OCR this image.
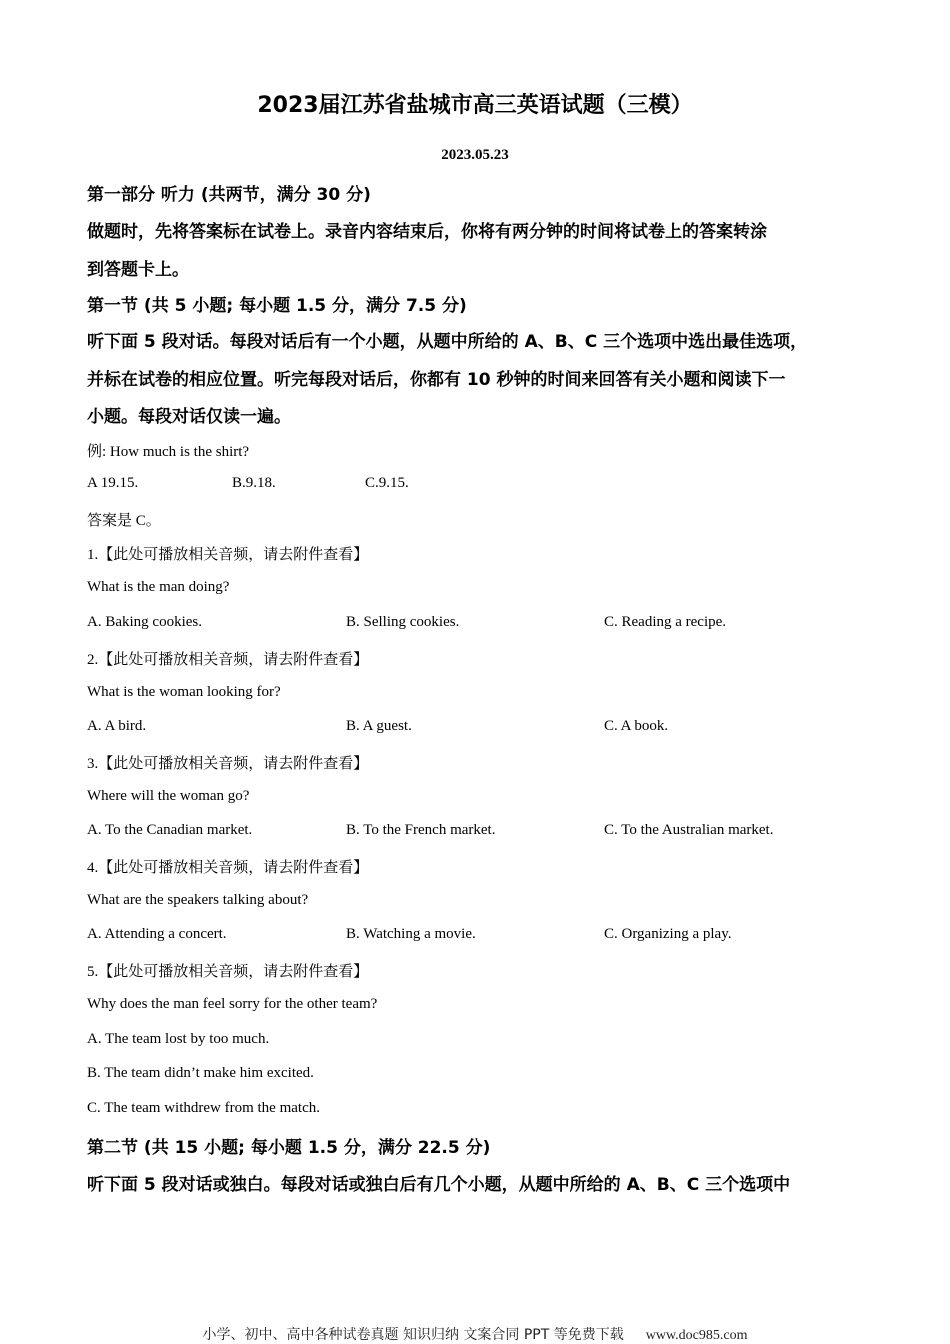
2023届江苏省盐城市高三英语试题（三模）
2023.05.23
第一部分 听力 (共两节，满分 30 分)
做题时，先将答案标在试卷上。录音内容结束后，你将有两分钟的时间将试卷上的答案转涂
到答题卡上。
第一节 (共 5 小题; 每小题 1.5 分，满分 7.5 分)
听下面 5 段对话。每段对话后有一个小题，从题中所给的 A、B、C 三个选项中选出最佳选项，
并标在试卷的相应位置。听完每段对话后，你都有 10 秒钟的时间来回答有关小题和阅读下一
小题。每段对话仅读一遍。
例: How much is the shirt?
A 19.15.	B.9.18.	C.9.15.
答案是 C。
1.【此处可播放相关音频，请去附件查看】
What is the man doing?
A. Baking cookies.	B. Selling cookies.	C. Reading a recipe.
2.【此处可播放相关音频，请去附件查看】
What is the woman looking for?
A. A bird.	B. A guest.	C. A book.
3.【此处可播放相关音频，请去附件查看】
Where will the woman go?
A. To the Canadian market.	B. To the French market.	C. To the Australian market.
4.【此处可播放相关音频，请去附件查看】
What are the speakers talking about?
A. Attending a concert.	B. Watching a movie.	C. Organizing a play.
5.【此处可播放相关音频，请去附件查看】
Why does the man feel sorry for the other team?
A. The team lost by too much.
B. The team didn’t make him excited.
C. The team withdrew from the match.
第二节 (共 15 小题; 每小题 1.5 分，满分 22.5 分)
听下面 5 段对话或独白。每段对话或独白后有几个小题，从题中所给的 A、B、C 三个选项中
小学、初中、高中各种试卷真题 知识归纳 文案合同 PPT 等免费下载 www.doc985.com
